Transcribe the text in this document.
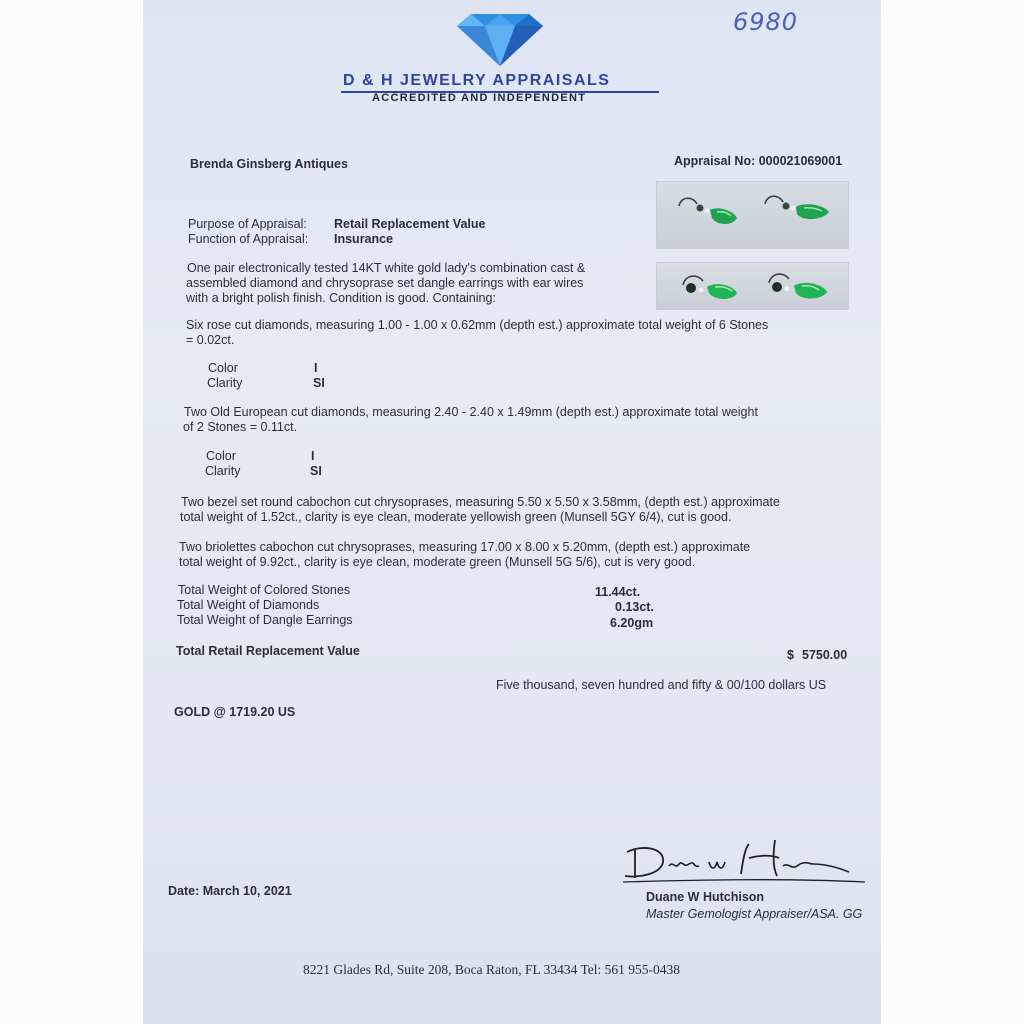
6980
D & H JEWELRY APPRAISALS
ACCREDITED AND INDEPENDENT
Brenda Ginsberg Antiques	Appraisal No: 000021069001
Purpose of Appraisal: Retail Replacement Value
Function of Appraisal: Insurance
One pair electronically tested 14KT white gold lady's combination cast &
assembled diamond and chrysoprase set dangle earrings with ear wires
with a bright polish finish. Condition is good. Containing:
Six rose cut diamonds, measuring 1.00 - 1.00 x 0.62mm (depth est.) approximate total weight of 6 Stones
= 0.02ct.
Color	I
Clarity	SI
Two Old European cut diamonds, measuring 2.40 - 2.40 x 1.49mm (depth est.) approximate total weight
of 2 Stones = 0.11ct.
Color	I
Clarity	SI
Two bezel set round cabochon cut chrysoprases, measuring 5.50 x 5.50 x 3.58mm, (depth est.) approximate
total weight of 1.52ct., clarity is eye clean, moderate yellowish green (Munsell 5GY 6/4), cut is good.
Two briolettes cabochon cut chrysoprases, measuring 17.00 x 8.00 x 5.20mm, (depth est.) approximate
total weight of 9.92ct., clarity is eye clean, moderate green (Munsell 5G 5/6), cut is very good.
Total Weight of Colored Stones	11.44ct.
Total Weight of Diamonds	0.13ct.
Total Weight of Dangle Earrings	6.20gm
Total Retail Replacement Value	$ 5750.00
Five thousand, seven hundred and fifty & 00/100 dollars US
GOLD @ 1719.20 US
Date: March 10, 2021	Duane W Hutchison
Master Gemologist Appraiser/ASA. GG
8221 Glades Rd, Suite 208, Boca Raton, FL 33434 Tel: 561 955-0438
